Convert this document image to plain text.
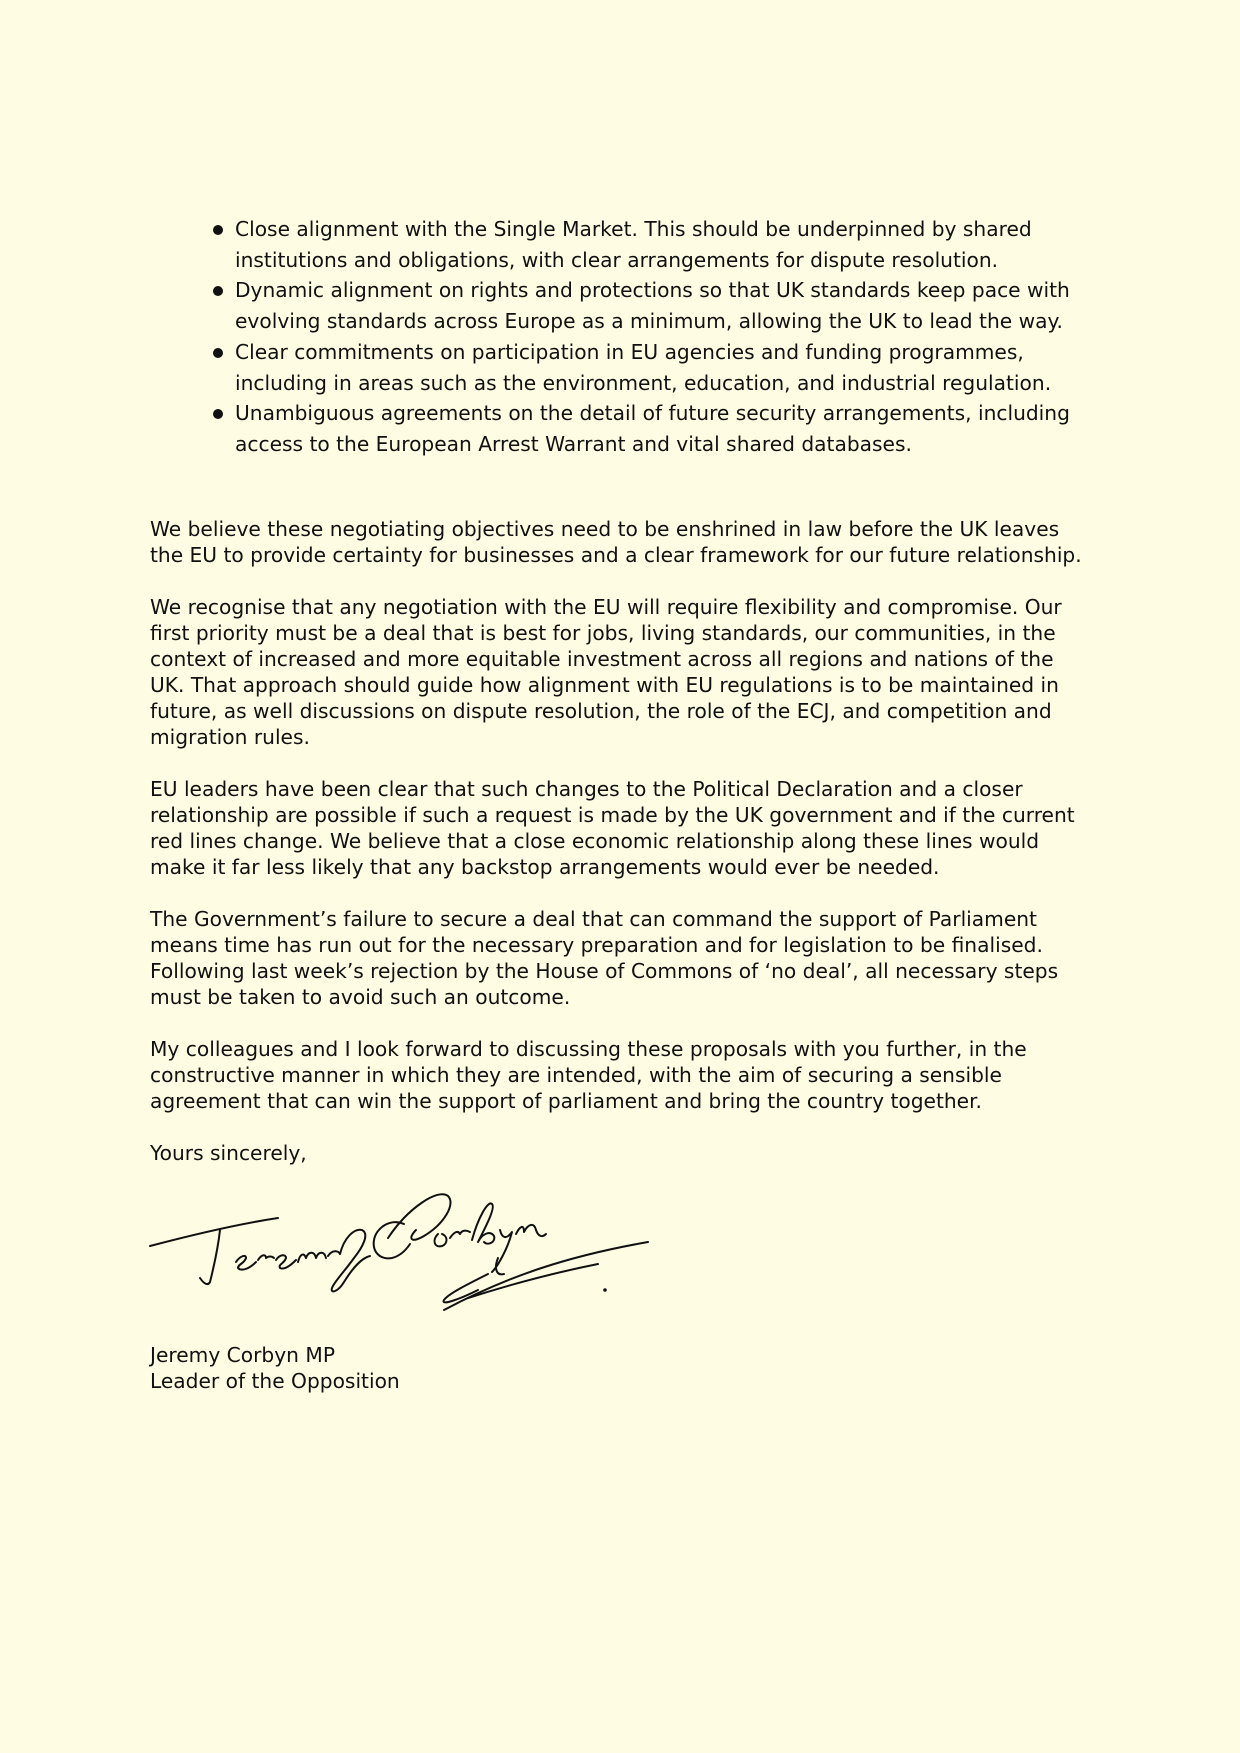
Close alignment with the Single Market. This should be underpinned by shared institutions and obligations, with clear arrangements for dispute resolution.
Dynamic alignment on rights and protections so that UK standards keep pace with evolving standards across Europe as a minimum, allowing the UK to lead the way.
Clear commitments on participation in EU agencies and funding programmes, including in areas such as the environment, education, and industrial regulation.
Unambiguous agreements on the detail of future security arrangements, including access to the European Arrest Warrant and vital shared databases.

We believe these negotiating objectives need to be enshrined in law before the UK leaves the EU to provide certainty for businesses and a clear framework for our future relationship.

We recognise that any negotiation with the EU will require flexibility and compromise. Our first priority must be a deal that is best for jobs, living standards, our communities, in the context of increased and more equitable investment across all regions and nations of the UK. That approach should guide how alignment with EU regulations is to be maintained in future, as well discussions on dispute resolution, the role of the ECJ, and competition and migration rules.

EU leaders have been clear that such changes to the Political Declaration and a closer relationship are possible if such a request is made by the UK government and if the current red lines change. We believe that a close economic relationship along these lines would make it far less likely that any backstop arrangements would ever be needed.

The Government’s failure to secure a deal that can command the support of Parliament means time has run out for the necessary preparation and for legislation to be finalised. Following last week’s rejection by the House of Commons of ‘no deal’, all necessary steps must be taken to avoid such an outcome.

My colleagues and I look forward to discussing these proposals with you further, in the constructive manner in which they are intended, with the aim of securing a sensible agreement that can win the support of parliament and bring the country together.

Yours sincerely,

Jeremy Corbyn MP

Leader of the Opposition
